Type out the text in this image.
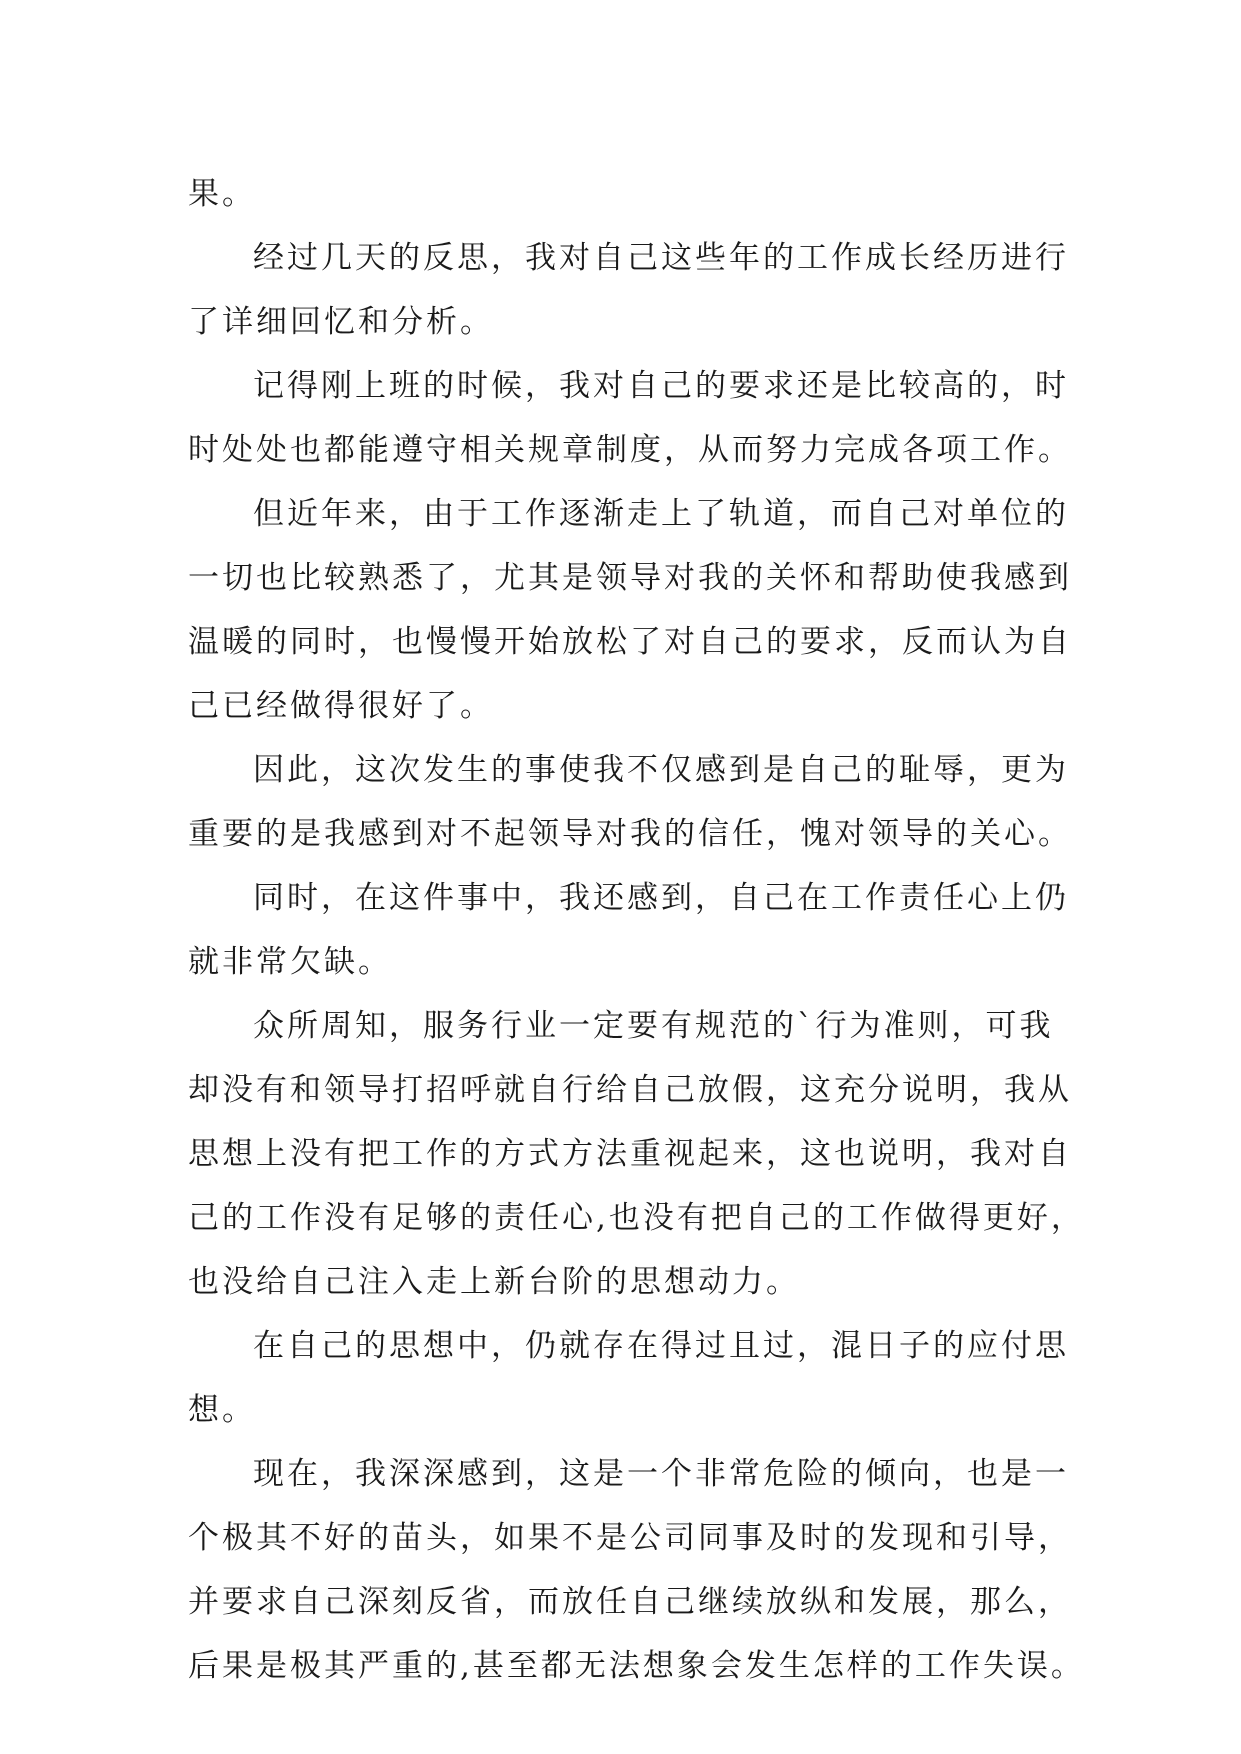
果。
经过几天的反思，我对自己这些年的工作成长经历进行
了详细回忆和分析。
记得刚上班的时候，我对自己的要求还是比较高的，时
时处处也都能遵守相关规章制度，从而努力完成各项工作。
但近年来，由于工作逐渐走上了轨道，而自己对单位的
一切也比较熟悉了，尤其是领导对我的关怀和帮助使我感到
温暖的同时，也慢慢开始放松了对自己的要求，反而认为自
己已经做得很好了。
因此，这次发生的事使我不仅感到是自己的耻辱，更为
重要的是我感到对不起领导对我的信任，愧对领导的关心。
同时，在这件事中，我还感到，自己在工作责任心上仍
就非常欠缺。
众所周知，服务行业一定要有规范的`行为准则，可我
却没有和领导打招呼就自行给自己放假，这充分说明，我从
思想上没有把工作的方式方法重视起来，这也说明，我对自
己的工作没有足够的责任心,也没有把自己的工作做得更好，
也没给自己注入走上新台阶的思想动力。
在自己的思想中，仍就存在得过且过，混日子的应付思
想。
现在，我深深感到，这是一个非常危险的倾向，也是一
个极其不好的苗头，如果不是公司同事及时的发现和引导，
并要求自己深刻反省，而放任自己继续放纵和发展，那么，
后果是极其严重的,甚至都无法想象会发生怎样的工作失误。
